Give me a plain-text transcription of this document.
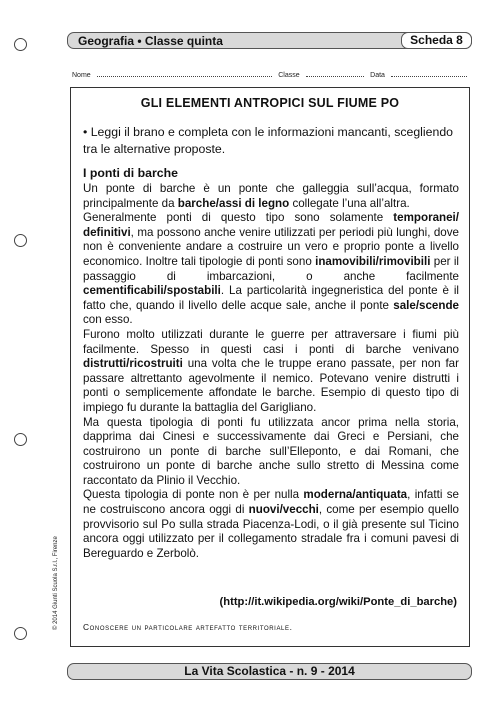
Geografia • Classe quinta	Scheda 8
Nome	Classe	Data
GLI ELEMENTI ANTROPICI SUL FIUME PO
• Leggi il brano e completa con le informazioni mancanti, scegliendo tra le alternative proposte.
I ponti di barche

Un ponte di barche è un ponte che galleggia sull’acqua, formato principalmente da barche/assi di legno collegate l’una all’altra.

Generalmente ponti di questo tipo sono solamente temporanei/ definitivi, ma possono anche venire utilizzati per periodi più lunghi, dove non è conveniente andare a costruire un vero e proprio ponte a livello economico. Inoltre tali tipologie di ponti sono inamovibili/rimovibili per il passaggio di imbarcazioni, o anche facilmente cementificabili/spostabili. La particolarità ingegneristica del ponte è il fatto che, quando il livello delle acque sale, anche il ponte sale/scende con esso.

Furono molto utilizzati durante le guerre per attraversare i fiumi più facilmente. Spesso in questi casi i ponti di barche venivano distrutti/ricostruiti una volta che le truppe erano passate, per non far passare altrettanto agevolmente il nemico. Potevano venire distrutti i ponti o semplicemente affondate le barche. Esempio di questo tipo di impiego fu durante la battaglia del Garigliano.

Ma questa tipologia di ponti fu utilizzata ancor prima nella storia, dapprima dai Cinesi e successivamente dai Greci e Persiani, che costruirono un ponte di barche sull’Elleponto, e dai Romani, che costruirono un ponte di barche anche sullo stretto di Messina come raccontato da Plinio il Vecchio.

Questa tipologia di ponte non è per nulla moderna/antiquata, infatti se ne costruiscono ancora oggi di nuovi/vecchi, come per esempio quello provvisorio sul Po sulla strada Piacenza-Lodi, o il già presente sul Ticino ancora oggi utilizzato per il collegamento stradale fra i comuni pavesi di Bereguardo e Zerbolò.

(http://it.wikipedia.org/wiki/Ponte_di_barche)
Conoscere un particolare artefatto territoriale.
© 2014 Giunti Scuola S.r.l., Firenze
La Vita Scolastica - n. 9 - 2014
